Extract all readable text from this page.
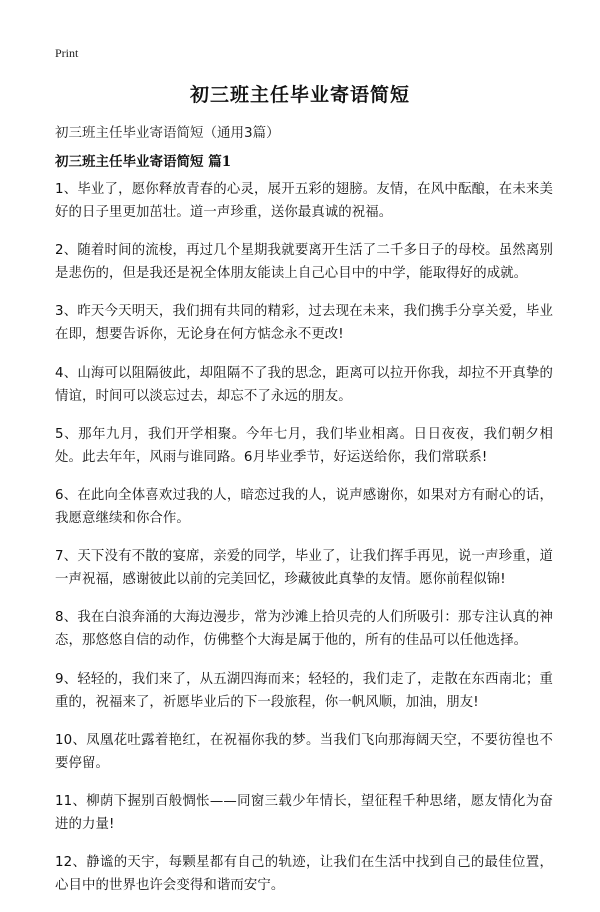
Print
初三班主任毕业寄语简短

初三班主任毕业寄语简短（通用3篇）

初三班主任毕业寄语简短 篇1
1、毕业了，愿你释放青春的心灵，展开五彩的翅膀。友情，在风中酝酿，在未来美好的日子里更加茁壮。道一声珍重，送你最真诚的祝福。
2、随着时间的流梭，再过几个星期我就要离开生活了二千多日子的母校。虽然离别是悲伤的，但是我还是祝全体朋友能读上自己心目中的中学，能取得好的成就。
3、昨天今天明天，我们拥有共同的精彩，过去现在未来，我们携手分享关爱，毕业在即，想要告诉你，无论身在何方惦念永不更改!
4、山海可以阻隔彼此，却阻隔不了我的思念，距离可以拉开你我，却拉不开真挚的情谊，时间可以淡忘过去，却忘不了永远的朋友。
5、那年九月，我们开学相聚。今年七月，我们毕业相离。日日夜夜，我们朝夕相处。此去年年，风雨与谁同路。6月毕业季节，好运送给你，我们常联系!
6、在此向全体喜欢过我的人，暗恋过我的人，说声感谢你，如果对方有耐心的话，我愿意继续和你合作。
7、天下没有不散的宴席，亲爱的同学，毕业了，让我们挥手再见，说一声珍重，道一声祝福，感谢彼此以前的完美回忆，珍藏彼此真挚的友情。愿你前程似锦!
8、我在白浪奔涌的大海边漫步，常为沙滩上拾贝壳的人们所吸引：那专注认真的神态，那悠悠自信的动作，仿佛整个大海是属于他的，所有的佳品可以任他选择。
9、轻轻的，我们来了，从五湖四海而来；轻轻的，我们走了，走散在东西南北；重重的，祝福来了，祈愿毕业后的下一段旅程，你一帆风顺，加油，朋友!
10、凤凰花吐露着艳红，在祝福你我的梦。当我们飞向那海阔天空，不要彷徨也不要停留。
11、柳荫下握别百般惆怅——同窗三载少年情长，望征程千种思绪，愿友情化为奋进的力量!
12、静谧的天宇，每颗星都有自己的轨迹，让我们在生活中找到自己的最佳位置，心目中的世界也许会变得和谐而安宁。
